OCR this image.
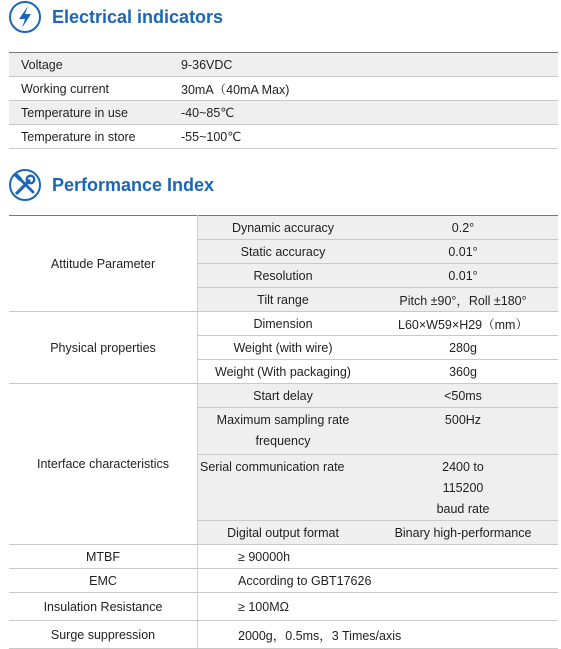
Electrical indicators
Voltage	9-36VDC
Working current	30mA（40mA Max)
Temperature in use	-40~85℃
Temperature in store	-55~100℃
Performance Index
Attitude Parameter	Dynamic accuracy	0.2°
	Static accuracy	0.01°
	Resolution	0.01°
	Tilt range	Pitch ±90°，Roll ±180°
Physical properties	Dimension	L60×W59×H29（mm）
	Weight (with wire)	280g
	Weight (With packaging)	360g
Interface characteristics	Start delay	<50ms
	Maximum sampling rate frequency	500Hz
	Serial communication rate	2400 to 115200 baud rate
	Digital output format	Binary high-performance
MTBF	≥ 90000h	
EMC	According to GBT17626	
Insulation Resistance	≥ 100MΩ	
Surge suppression	2000g，0.5ms，3 Times/axis	
